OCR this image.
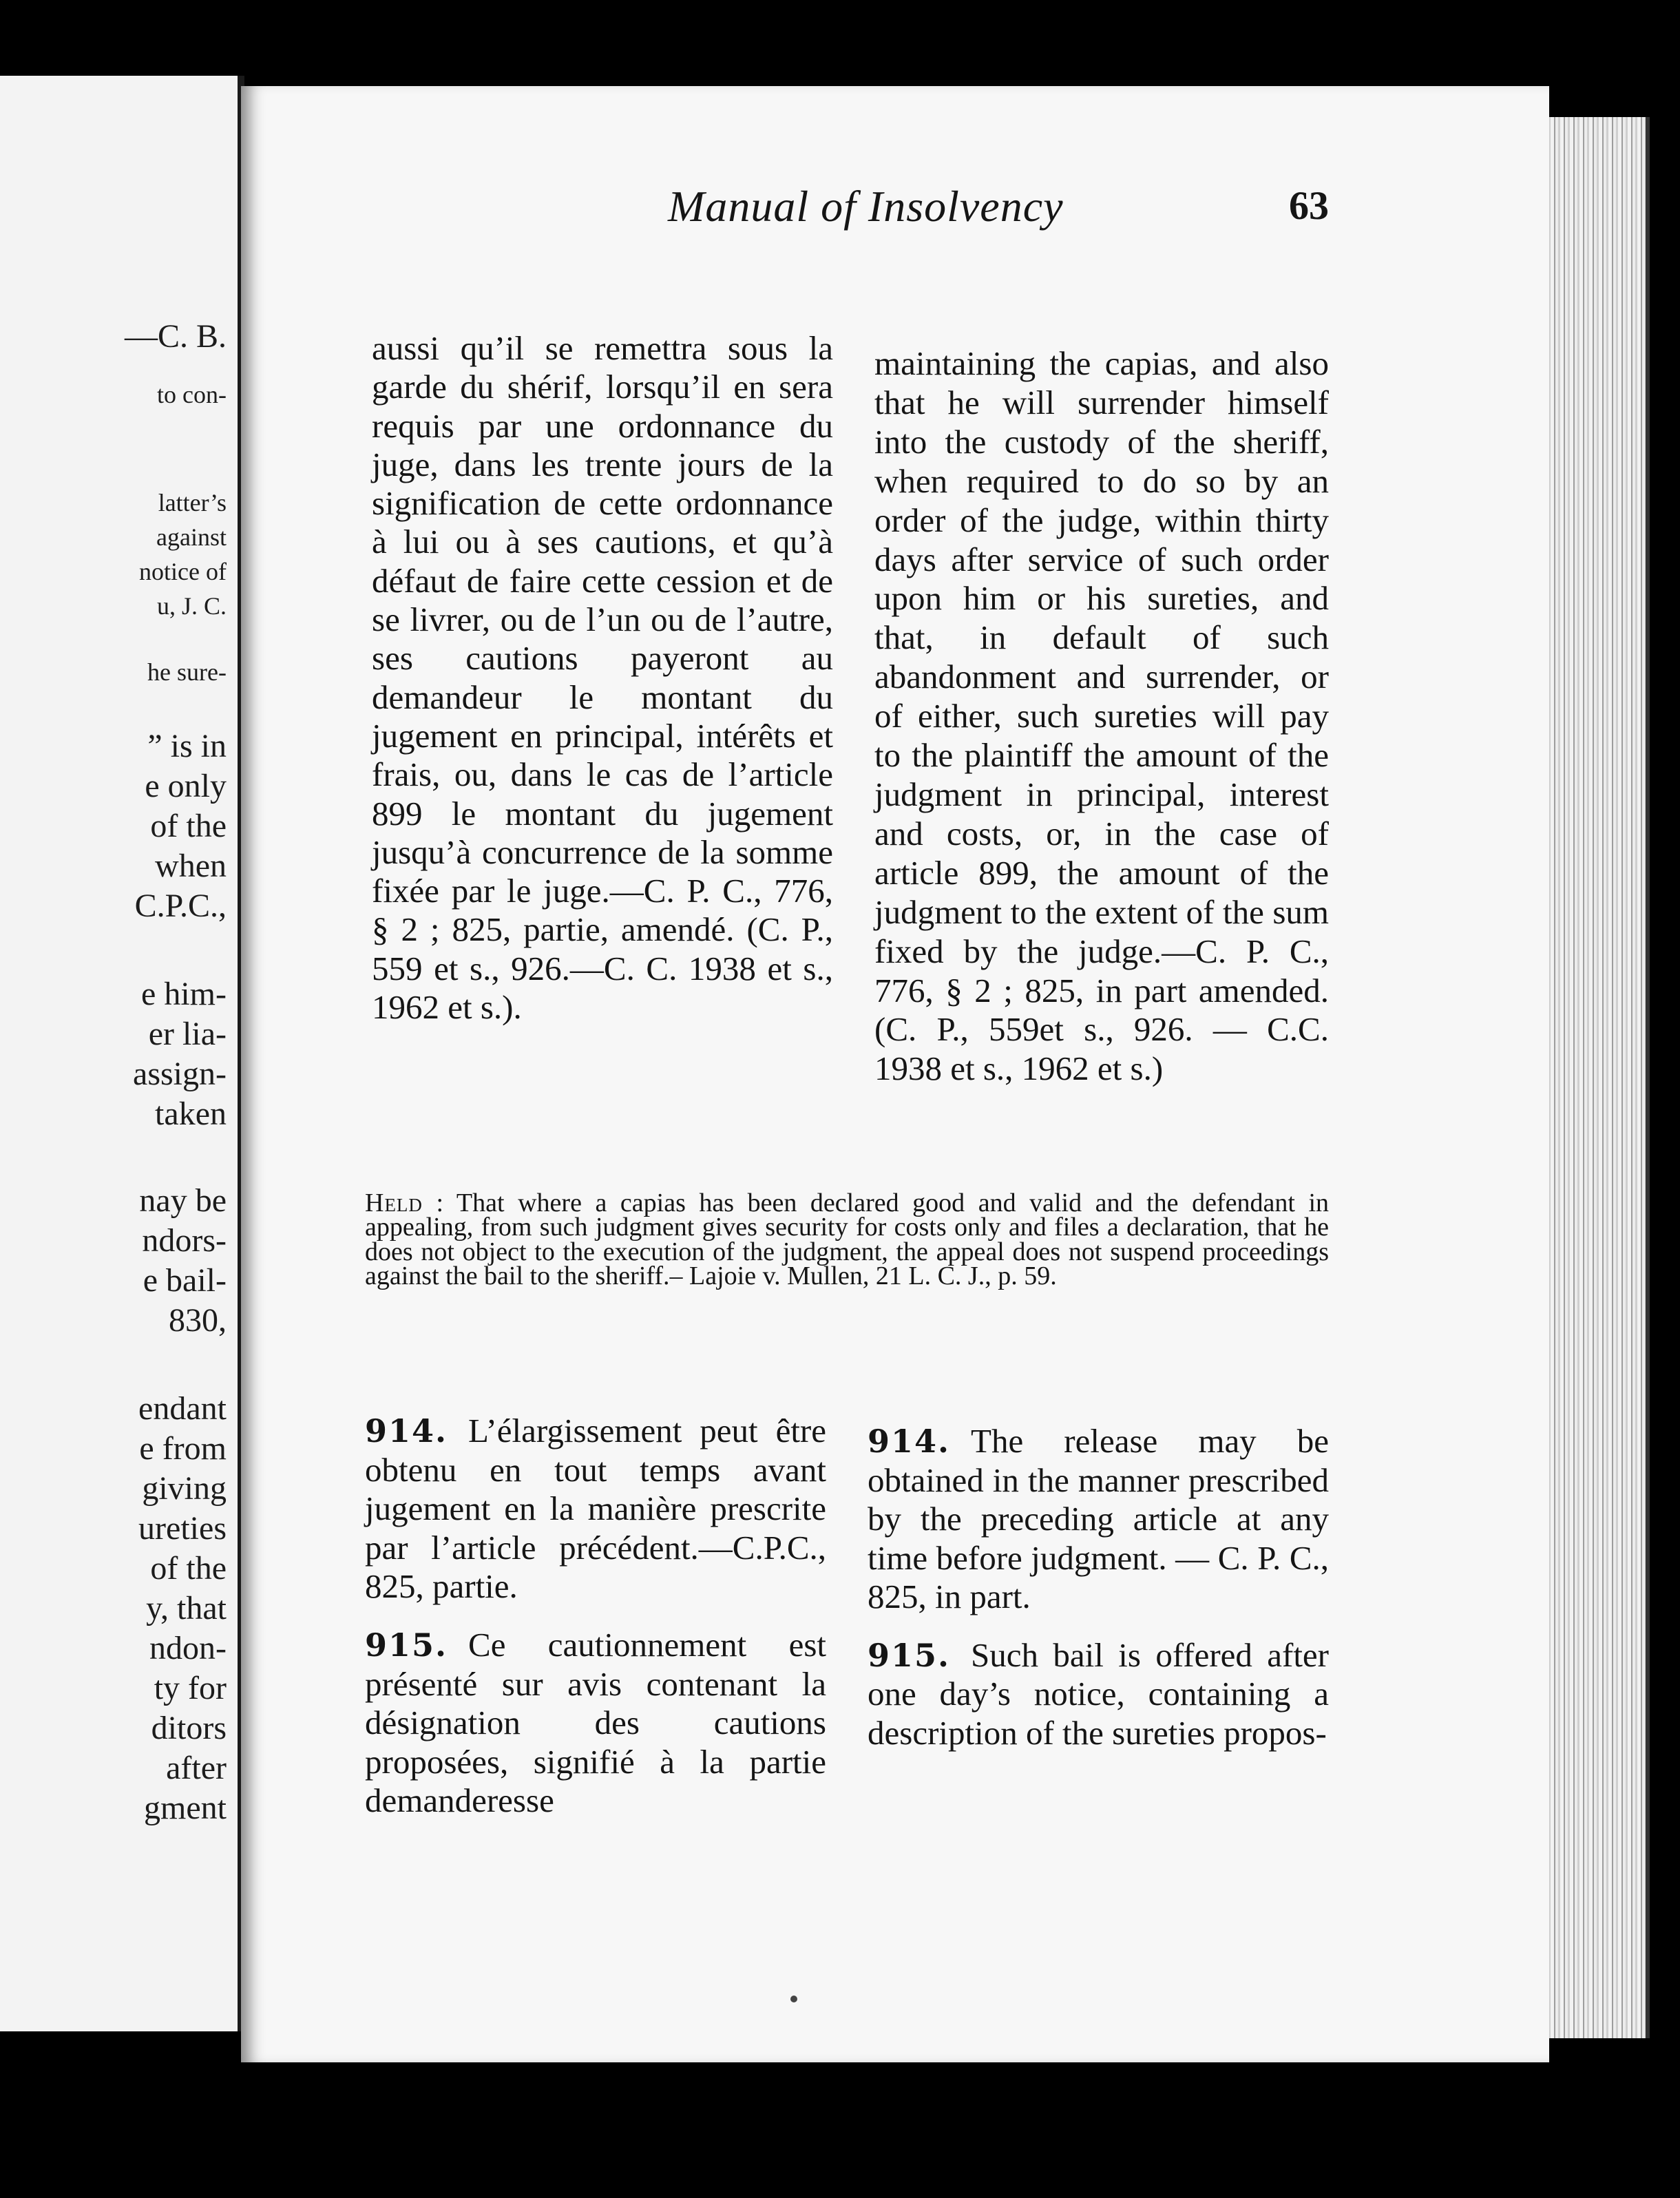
—C. B.

to con-

latter’s

against

notice of

u, J. C.

he sure-

” is in

e only

of the

when

C.P.C.,

e him-

er lia-

assign-

taken

nay be

ndors-

e bail-

830,

endant

e from

giving

ureties

of the

y, that

ndon-

ty for

ditors

after

gment

Manual of Insolvency	63

aussi qu’il se remettra sous la garde du shérif, lorsqu’il en sera requis par une ordonnance du juge, dans les trente jours de la signification de cette ordonnance à lui ou à ses cautions, et qu’à défaut de faire cette cession et de se livrer, ou de l’un ou de l’autre, ses cautions payeront au demandeur le montant du jugement en principal, intérêts et frais, ou, dans le cas de l’article 899 le montant du jugement jusqu’à concurrence de la somme fixée par le juge.—C. P. C., 776, § 2 ; 825, partie, amendé. (C. P., 559 et s., 926.—C. C. 1938 et s., 1962 et s.).

maintaining the capias, and also that he will surrender himself into the custody of the sheriff, when required to do so by an order of the judge, within thirty days after service of such order upon him or his sureties, and that, in default of such abandonment and surrender, or of either, such sureties will pay to the plaintiff the amount of the judgment in principal, interest and costs, or, in the case of article 899, the amount of the judgment to the extent of the sum fixed by the judge.—C. P. C., 776, § 2 ; 825, in part amended. (C. P., 559et s., 926. — C.C. 1938 et s., 1962 et s.)

Held : That where a capias has been declared good and valid and the defendant in appealing, from such judgment gives security for costs only and files a declaration, that he does not object to the execution of the judgment, the appeal does not suspend proceedings against the bail to the sheriff.– Lajoie v. Mullen, 21 L. C. J., p. 59.

914. L’élargissement peut être obtenu en tout temps avant jugement en la manière prescrite par l’article précédent.—C.P.C., 825, partie.

915. Ce cautionnement est présenté sur avis contenant la désignation des cautions proposées, signifié à la partie demanderesse

914. The release may be obtained in the manner prescribed by the preceding article at any time before judgment. — C. P. C., 825, in part.

915. Such bail is offered after one day’s notice, containing a description of the sureties propos-
